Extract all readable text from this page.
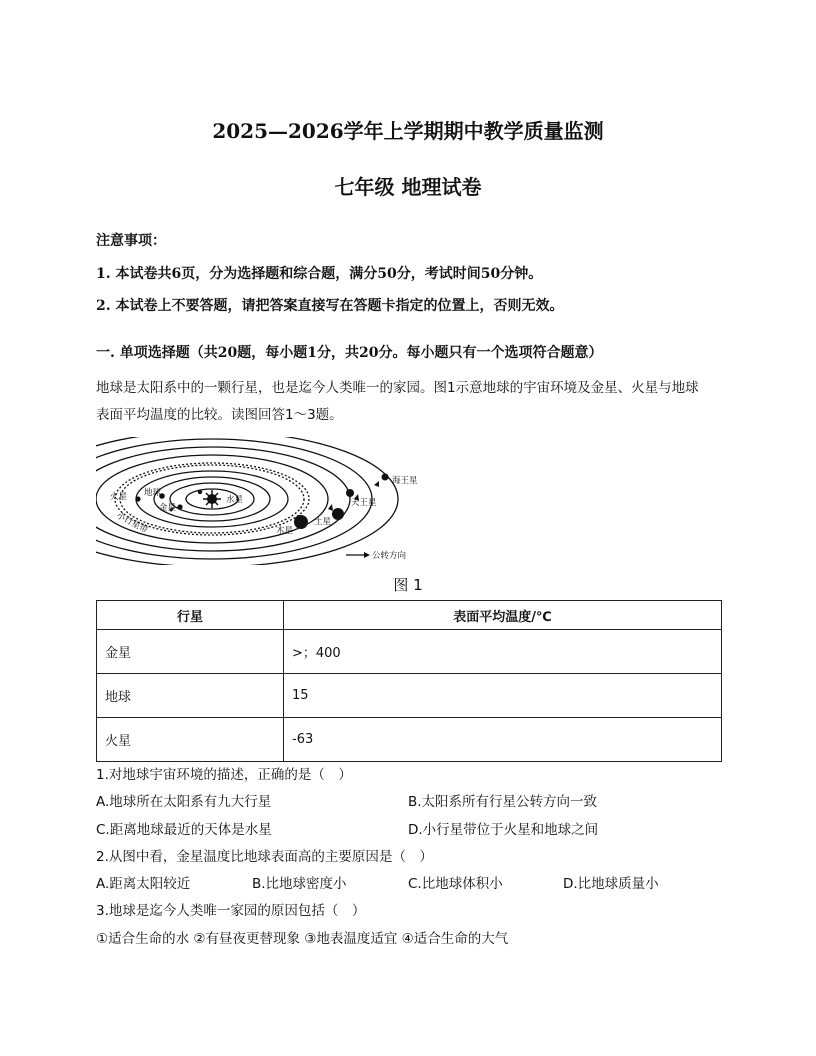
2025—2026学年上学期期中教学质量监测
七年级 地理试卷
注意事项：
1. 本试卷共6页，分为选择题和综合题，满分50分，考试时间50分钟。
2. 本试卷上不要答题，请把答案直接写在答题卡指定的位置上，否则无效。
一. 单项选择题（共20题，每小题1分，共20分。每小题只有一个选项符合题意）
地球是太阳系中的一颗行星，也是迄今人类唯一的家园。图1示意地球的宇宙环境及金星、火星与地球
表面平均温度的比较。读图回答1～3题。
水星
金星
地球
火星
小行星带	木星
土星
天王星
海王星
公转方向
图 1
行星	表面平均温度/℃
金星	>；400
地球	15
火星	-63
1.对地球宇宙环境的描述，正确的是（　）
A.地球所在太阳系有九大行星	B.太阳系所有行星公转方向一致
C.距离地球最近的天体是水星	D.小行星带位于火星和地球之间
2.从图中看，金星温度比地球表面高的主要原因是（　）
A.距离太阳较近	B.比地球密度小	C.比地球体积小	D.比地球质量小
3.地球是迄今人类唯一家园的原因包括（　）
①适合生命的水 ②有昼夜更替现象 ③地表温度适宜 ④适合生命的大气
